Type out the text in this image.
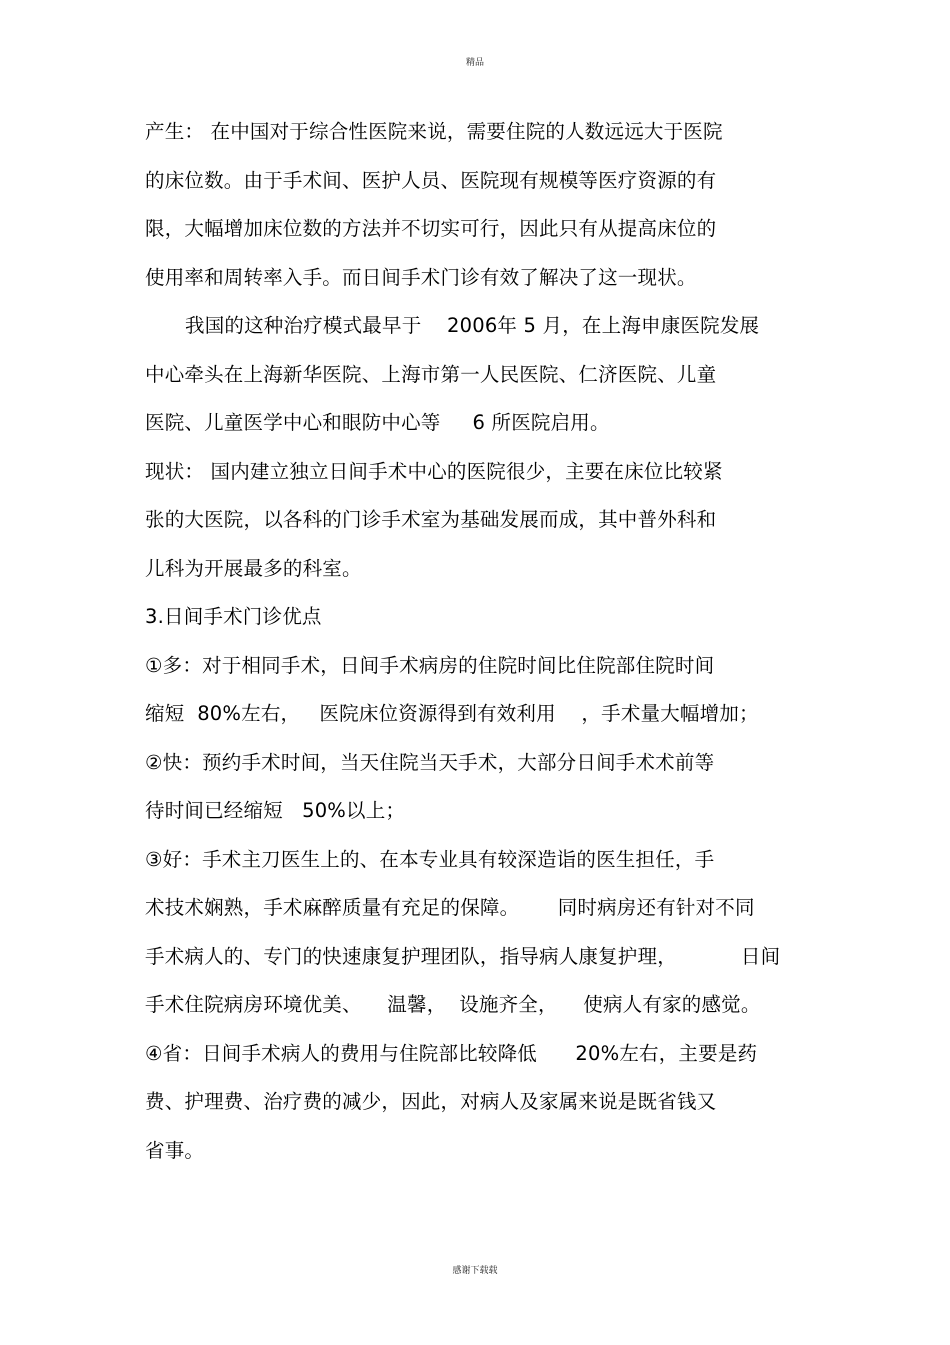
精品
产生： 在中国对于综合性医院来说，需要住院的人数远远大于医院
的床位数。由于手术间、医护人员、医院现有规模等医疗资源的有
限，大幅增加床位数的方法并不切实可行，因此只有从提高床位的
使用率和周转率入手。而日间手术门诊有效了解决了这一现状。
我国的这种治疗模式最早于    2006年 5 月，在上海申康医院发展
中心牵头在上海新华医院、上海市第一人民医院、仁济医院、儿童
医院、儿童医学中心和眼防中心等     6 所医院启用。
现状： 国内建立独立日间手术中心的医院很少，主要在床位比较紧
张的大医院，以各科的门诊手术室为基础发展而成，其中普外科和
儿科为开展最多的科室。
3.日间手术门诊优点
①多：对于相同手术，日间手术病房的住院时间比住院部住院时间
缩短  80%左右，   医院床位资源得到有效利用    ，手术量大幅增加；
②快：预约手术时间，当天住院当天手术，大部分日间手术术前等
待时间已经缩短   50%以上；
③好：手术主刀医生上的、在本专业具有较深造诣的医生担任，手
术技术娴熟，手术麻醉质量有充足的保障。      同时病房还有针对不同
手术病人的、专门的快速康复护理团队，指导病人康复护理，          日间
手术住院病房环境优美、    温馨，  设施齐全，    使病人有家的感觉。
④省：日间手术病人的费用与住院部比较降低      20%左右，主要是药
费、护理费、治疗费的减少，因此，对病人及家属来说是既省钱又
省事。
感谢下载载
